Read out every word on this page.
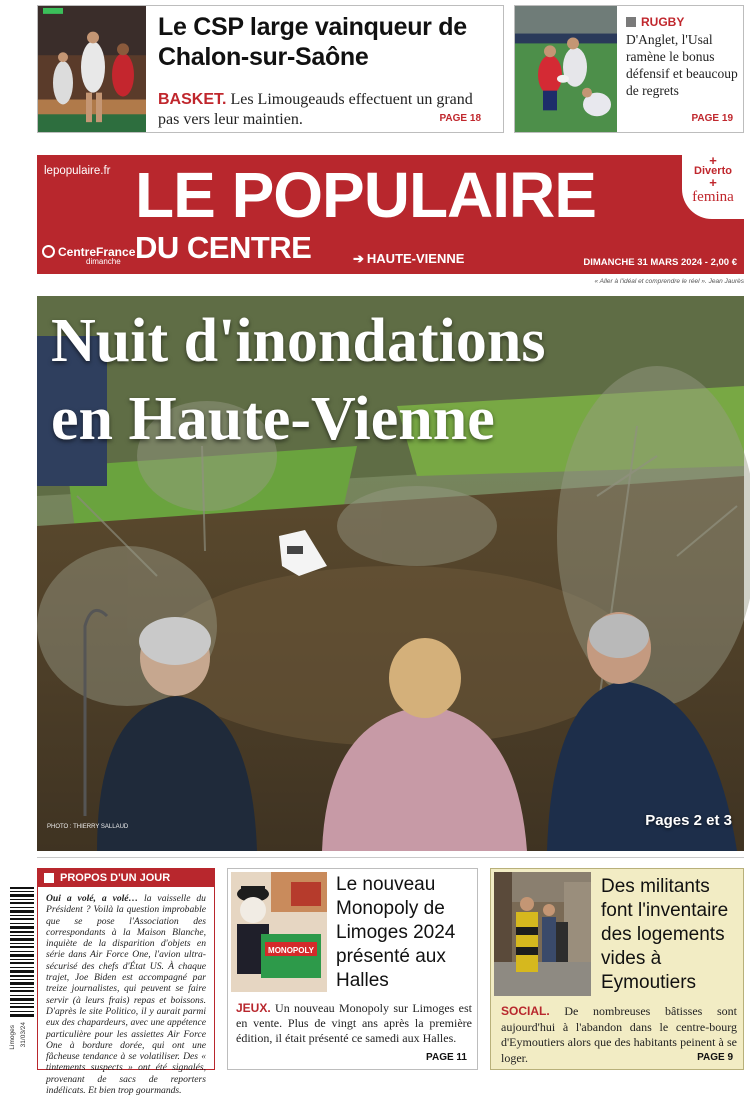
Le CSP large vainqueur de Chalon-sur-Saône
BASKET. Les Limougeauds effectuent un grand pas vers leur maintien.	PAGE 18
RUGBY
D'Anglet, l'Usal ramène le bonus défensif et beaucoup de regrets
PAGE 19
lepopulaire.fr LE POPULAIRE
DU CENTRE	➔ HAUTE-VIENNE
CentreFrance
dimanche	DIMANCHE 31 MARS 2024 - 2,00 €
+
Diverto
+
femina
« Aller à l'idéal et comprendre le réel ». Jean Jaurès
Nuit d'inondations
en Haute-Vienne
PHOTO : THIERRY SALLAUD	Pages 2 et 3
Limoges 31/03/24
PROPOS D'UN JOUR
Oui a volé, a volé… la vaisselle du Président ? Voilà la question improbable que se pose l'Association des correspondants à la Maison Blanche, inquiète de la disparition d'objets en série dans Air Force One, l'avion ultra-sécurisé des chefs d'État US. À chaque trajet, Joe Biden est accompagné par treize journalistes, qui peuvent se faire servir (à leurs frais) repas et boissons. D'après le site Politico, il y aurait parmi eux des chapardeurs, avec une appétence particulière pour les assiettes Air Force One à bordure dorée, qui ont une fâcheuse tendance à se volatiliser. Des « tintements suspects » ont été signalés, provenant de sacs de reporters indélicats. Et bien trop gourmands.
MONOPOLY
Le nouveau Monopoly de Limoges 2024 présenté aux Halles
JEUX. Un nouveau Monopoly sur Limoges est en vente. Plus de vingt ans après la première édition, il était présenté ce samedi aux Halles.
PAGE 11
Des militants font l'inventaire des logements vides à Eymoutiers
SOCIAL. De nombreuses bâtisses sont aujourd'hui à l'abandon dans le centre-bourg d'Eymoutiers alors que des habitants peinent à se loger.	PAGE 9
